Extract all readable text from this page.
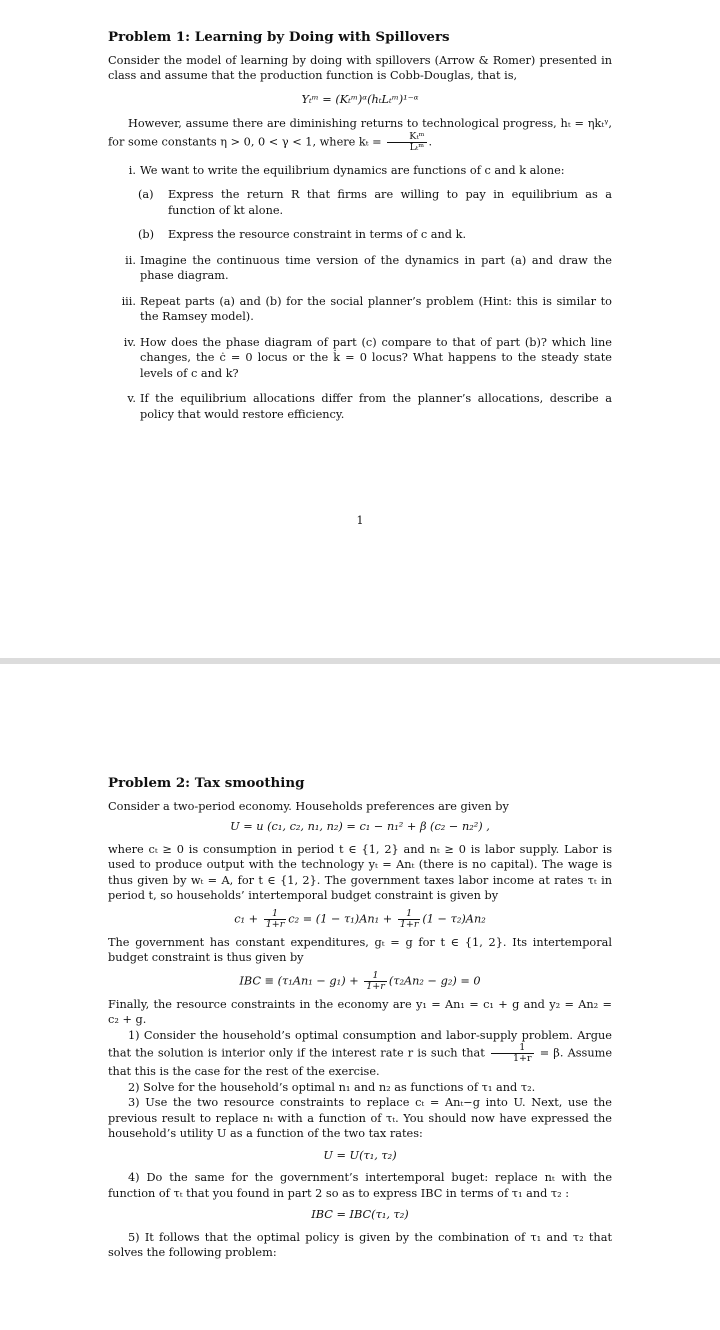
Problem 1: Learning by Doing with Spillovers

Consider the model of learning by doing with spillovers (Arrow & Romer) presented in class and assume that the production function is Cobb-Douglas, that is,

Yₜᵐ = (Kₜᵐ)ᵅ(hₜLₜᵐ)¹⁻ᵅ

However, assume there are diminishing returns to technological progress, hₜ = ηkₜᵞ, for some constants η > 0, 0 < γ < 1, where $k_t = \frac{\text{Kₜᵐ}}{\text{Lₜᵐ}}$ .

i. We want to write the equilibrium dynamics are functions of c and k alone:
(a) Express the return R that firms are willing to pay in equilibrium as a function of kt alone.
(b) Express the resource constraint in terms of c and k.
ii. Imagine the continuous time version of the dynamics in part (a) and draw the phase diagram.
iii. Repeat parts (a) and (b) for the social planner’s problem (Hint: this is similar to the Ramsey model).
iv. How does the phase diagram of part (c) compare to that of part (b)? which line changes, the ċ = 0 locus or the k̇ = 0 locus? What happens to the steady state levels of c and k?
v. If the equilibrium allocations differ from the planner’s allocations, describe a policy that would restore efficiency.
1
Problem 2: Tax smoothing

Consider a two-period economy. Households preferences are given by

U = u (c₁, c₂, n₁, n₂) = c₁ − n₁² + β (c₂ − n₂²) ,

where cₜ ≥ 0 is consumption in period t ∈ {1, 2} and nₜ ≥ 0 is labor supply. Labor is used to produce output with the technology yₜ = Anₜ (there is no capital). The wage is thus given by wₜ = A, for t ∈ {1, 2}. The government taxes labor income at rates τₜ in period t, so households’ intertemporal budget constraint is given by

$c_1 + \frac{1}{1+r} c_2 = (1 - \tau_1)An_1 + \frac{1}{1+r} (1 - \tau_2)An_2$

The government has constant expenditures, gₜ = g for t ∈ {1, 2}. Its intertemporal budget constraint is thus given by

IBC ≡ $(\tau_1An_1 - g_1) + \frac{1}{1+r} (\tau_2An_2 - g_2) = 0$

Finally, the resource constraints in the economy are y₁ = An₁ = c₁ + g and y₂ = An₂ = c₂ + g.

1) Consider the household’s optimal consumption and labor-supply problem. Argue that the solution is interior only if the interest rate r is such that $\frac{1}{1+r} = \beta$. Assume that this is the case for the rest of the exercise.

2) Solve for the household’s optimal n₁ and n₂ as functions of τ₁ and τ₂.

3) Use the two resource constraints to replace cₜ = Anₜ−g into U. Next, use the previous result to replace nₜ with a function of τₜ. You should now have expressed the household’s utility U as a function of the two tax rates:

U = U(τ₁, τ₂)

4) Do the same for the government’s intertemporal buget: replace nₜ with the function of τₜ that you found in part 2 so as to express IBC in terms of τ₁ and τ₂ :

IBC = IBC(τ₁, τ₂)

5) It follows that the optimal policy is given by the combination of τ₁ and τ₂ that solves the following problem:
